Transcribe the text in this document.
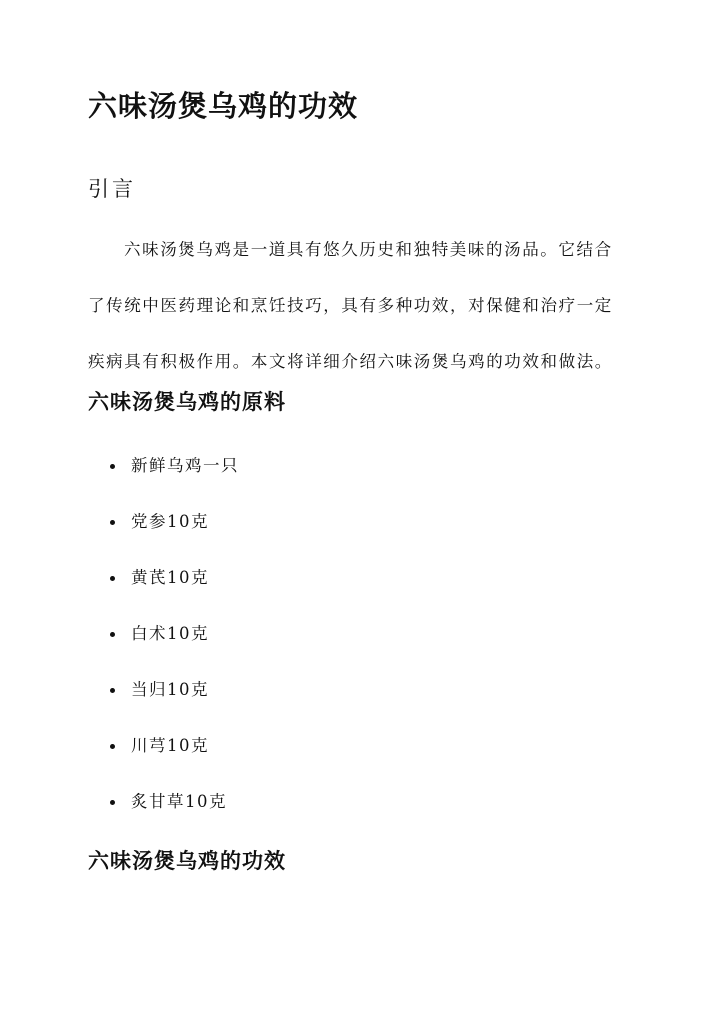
六味汤煲乌鸡的功效
引言
六味汤煲乌鸡是一道具有悠久历史和独特美味的汤品。它结合
了传统中医药理论和烹饪技巧，具有多种功效，对保健和治疗一定
疾病具有积极作用。本文将详细介绍六味汤煲乌鸡的功效和做法。
六味汤煲乌鸡的原料
新鲜乌鸡一只
党参10克
黄芪10克
白术10克
当归10克
川芎10克
炙甘草10克
六味汤煲乌鸡的功效
